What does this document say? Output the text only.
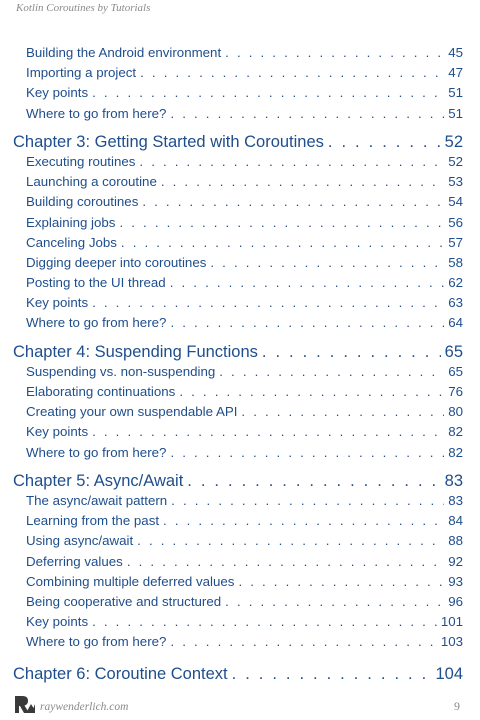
Kotlin Coroutines by Tutorials
Building the Android environment . . .	45
Importing a project . . .	47
Key points . . .	51
Where to go from here? . . .	51
Chapter 3: Getting Started with Coroutines . . .	52
Executing routines . . .	52
Launching a coroutine . . .	53
Building coroutines . . .	54
Explaining jobs . . .	56
Canceling Jobs . . .	57
Digging deeper into coroutines . . .	58
Posting to the UI thread . . .	62
Key points . . .	63
Where to go from here? . . .	64
Chapter 4: Suspending Functions . . .	65
Suspending vs. non-suspending . . .	65
Elaborating continuations . . .	76
Creating your own suspendable API . . .	80
Key points . . .	82
Where to go from here? . . .	82
Chapter 5: Async/Await . . .	83
The async/await pattern . . .	83
Learning from the past . . .	84
Using async/await . . .	88
Deferring values . . .	92
Combining multiple deferred values . . .	93
Being cooperative and structured . . .	96
Key points . . .	101
Where to go from here? . . .	103
Chapter 6: Coroutine Context . . .	104
raywenderlich.com	9
